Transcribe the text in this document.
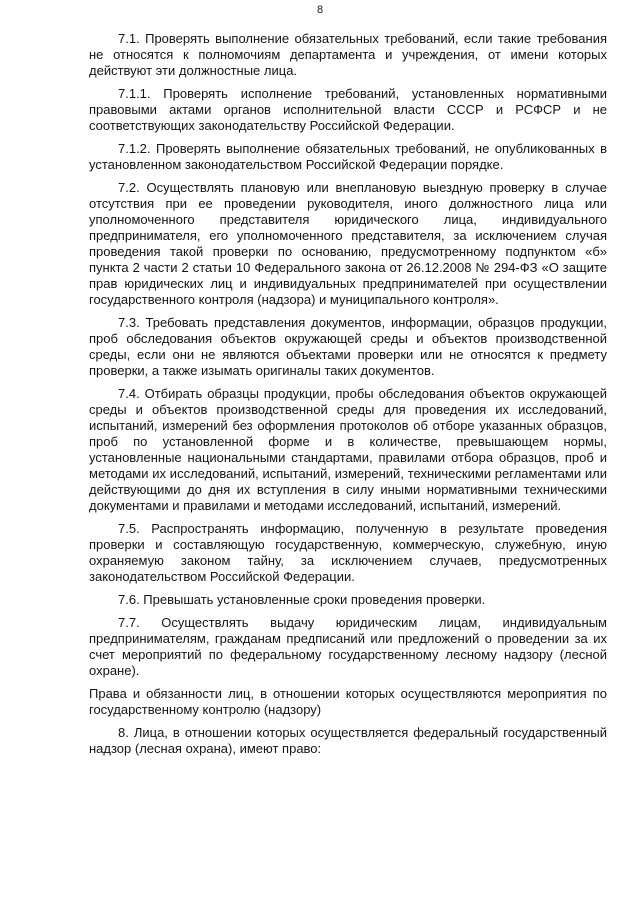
8

7.1. Проверять выполнение обязательных требований, если такие требования не относятся к полномочиям департамента и учреждения, от имени которых действуют эти должностные лица.

7.1.1. Проверять исполнение требований, установленных нормативными правовыми актами органов исполнительной власти СССР и РСФСР и не соответствующих законодательству Российской Федерации.

7.1.2. Проверять выполнение обязательных требований, не опубликованных в установленном законодательством Российской Федерации порядке.

7.2. Осуществлять плановую или внеплановую выездную проверку в случае отсутствия при ее проведении руководителя, иного должностного лица или уполномоченного представителя юридического лица, индивидуального предпринимателя, его уполномоченного представителя, за исключением случая проведения такой проверки по основанию, предусмотренному подпунктом «б» пункта 2 части 2 статьи 10 Федерального закона от 26.12.2008 № 294-ФЗ «О защите прав юридических лиц и индивидуальных предпринимателей при осуществлении государственного контроля (надзора) и муниципального контроля».

7.3. Требовать представления документов, информации, образцов продукции, проб обследования объектов окружающей среды и объектов производственной среды, если они не являются объектами проверки или не относятся к предмету проверки, а также изымать оригиналы таких документов.

7.4. Отбирать образцы продукции, пробы обследования объектов окружающей среды и объектов производственной среды для проведения их исследований, испытаний, измерений без оформления протоколов об отборе указанных образцов, проб по установленной форме и в количестве, превышающем нормы, установленные национальными стандартами, правилами отбора образцов, проб и методами их исследований, испытаний, измерений, техническими регламентами или действующими до дня их вступления в силу иными нормативными техническими документами и правилами и методами исследований, испытаний, измерений.

7.5. Распространять информацию, полученную в результате проведения проверки и составляющую государственную, коммерческую, служебную, иную охраняемую законом тайну, за исключением случаев, предусмотренных законодательством Российской Федерации.

7.6. Превышать установленные сроки проведения проверки.

7.7. Осуществлять выдачу юридическим лицам, индивидуальным предпринимателям, гражданам предписаний или предложений о проведении за их счет мероприятий по федеральному государственному лесному надзору (лесной охране).

Права и обязанности лиц, в отношении которых осуществляются мероприятия по государственному контролю (надзору)

8. Лица, в отношении которых осуществляется федеральный государственный надзор (лесная охрана), имеют право:
